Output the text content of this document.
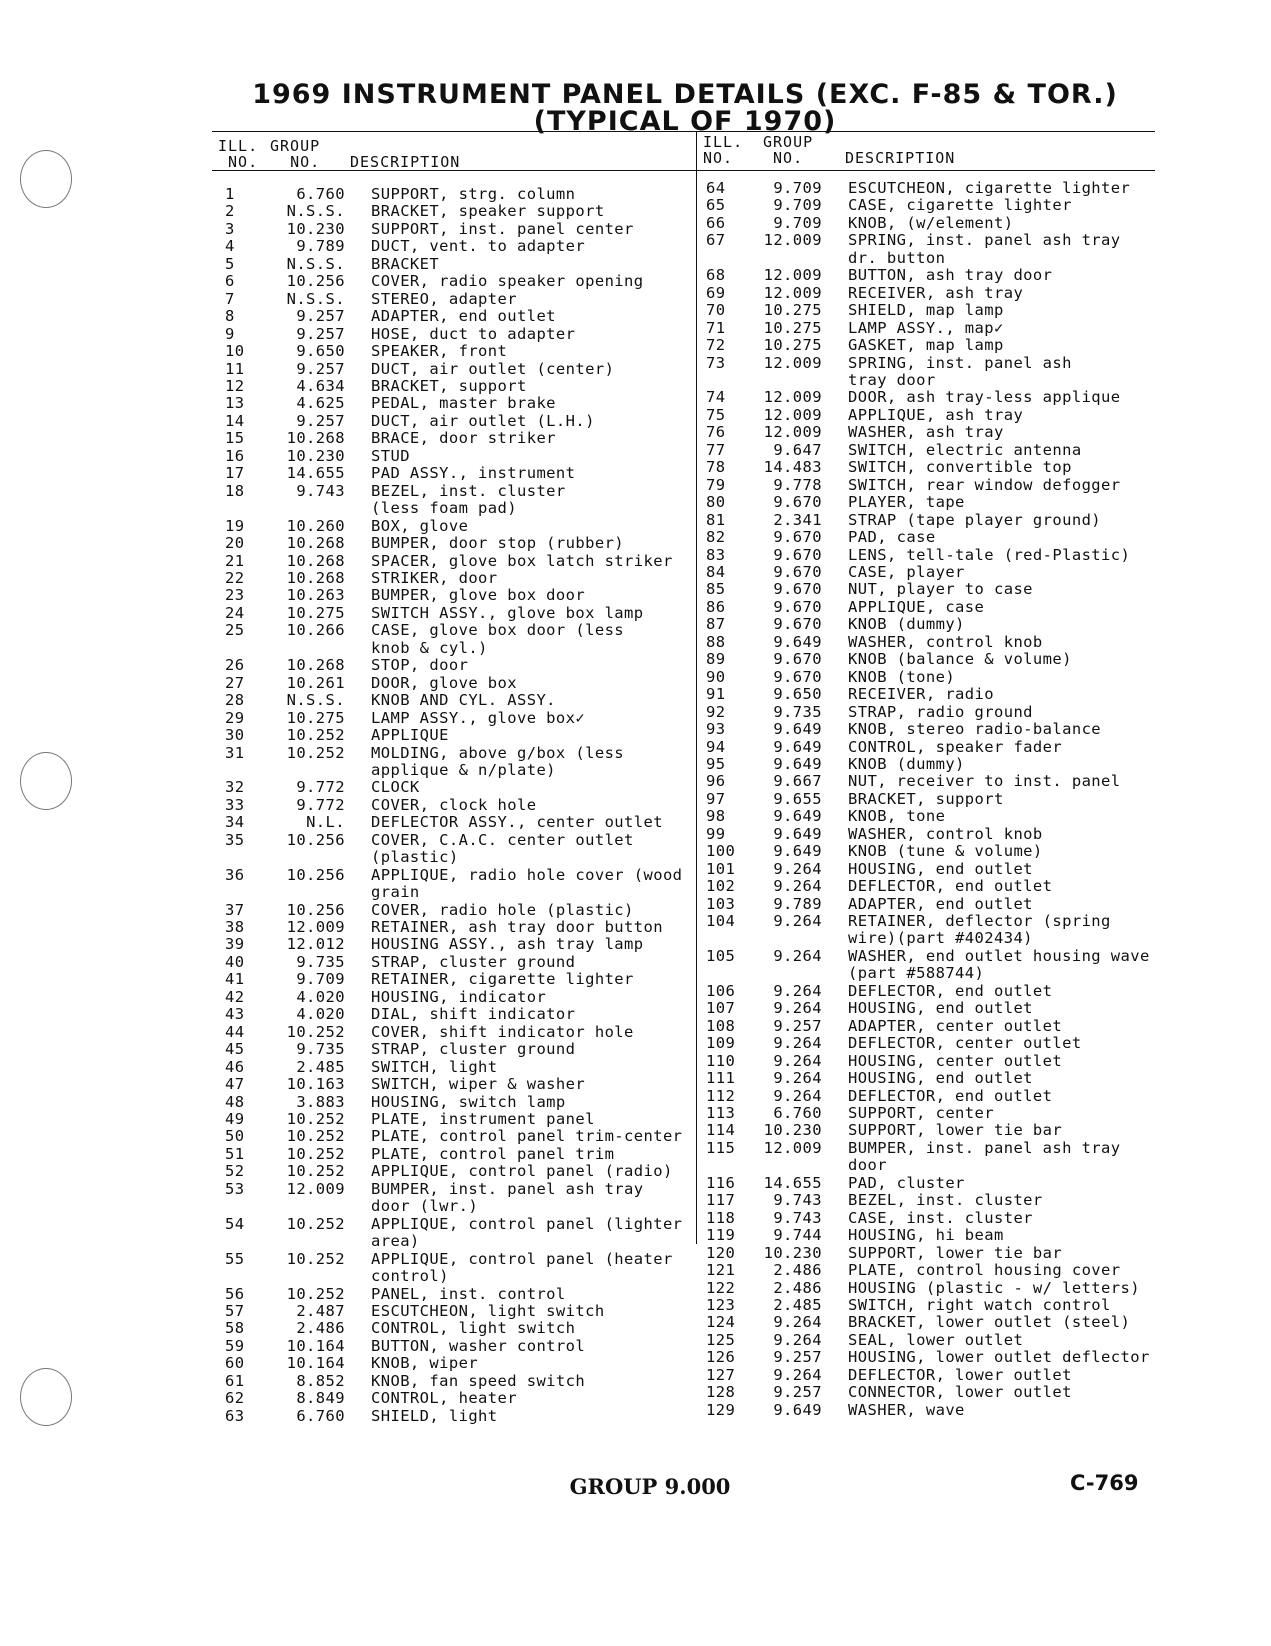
1969 INSTRUMENT PANEL DETAILS (EXC. F-85 & TOR.)
(TYPICAL OF 1970)
ILL.
NO.
GROUP
NO. DESCRIPTION
ILL.
NO.
GROUP
NO.	DESCRIPTION
1	6.760	SUPPORT, strg. column
2	N.S.S.	BRACKET, speaker support
3	10.230	SUPPORT, inst. panel center
4	9.789	DUCT, vent. to adapter
5	N.S.S.	BRACKET
6	10.256	COVER, radio speaker opening
7	N.S.S.	STEREO, adapter
8	9.257	ADAPTER, end outlet
9	9.257	HOSE, duct to adapter
10	9.650	SPEAKER, front
11	9.257	DUCT, air outlet (center)
12	4.634	BRACKET, support
13	4.625	PEDAL, master brake
14	9.257	DUCT, air outlet (L.H.)
15	10.268	BRACE, door striker
16	10.230	STUD
17	14.655	PAD ASSY., instrument
18	9.743	BEZEL, inst. cluster
(less foam pad)
19	10.260	BOX, glove
20	10.268	BUMPER, door stop (rubber)
21	10.268	SPACER, glove box latch striker
22	10.268	STRIKER, door
23	10.263	BUMPER, glove box door
24	10.275	SWITCH ASSY., glove box lamp
25	10.266	CASE, glove box door (less
knob & cyl.)
26	10.268	STOP, door
27	10.261	DOOR, glove box
28	N.S.S.	KNOB AND CYL. ASSY.
29	10.275	LAMP ASSY., glove box✓
30	10.252	APPLIQUE
31	10.252	MOLDING, above g/box (less
applique & n/plate)
32	9.772	CLOCK
33	9.772	COVER, clock hole
34	N.L.	DEFLECTOR ASSY., center outlet
35	10.256	COVER, C.A.C. center outlet
(plastic)
36	10.256	APPLIQUE, radio hole cover (wood
grain
37	10.256	COVER, radio hole (plastic)
38	12.009	RETAINER, ash tray door button
39	12.012	HOUSING ASSY., ash tray lamp
40	9.735	STRAP, cluster ground
41	9.709	RETAINER, cigarette lighter
42	4.020	HOUSING, indicator
43	4.020	DIAL, shift indicator
44	10.252	COVER, shift indicator hole
45	9.735	STRAP, cluster ground
46	2.485	SWITCH, light
47	10.163	SWITCH, wiper & washer
48	3.883	HOUSING, switch lamp
49	10.252	PLATE, instrument panel
50	10.252	PLATE, control panel trim-center
51	10.252	PLATE, control panel trim
52	10.252	APPLIQUE, control panel (radio)
53	12.009	BUMPER, inst. panel ash tray
door (lwr.)
54	10.252	APPLIQUE, control panel (lighter
area)
55	10.252	APPLIQUE, control panel (heater
control)
56	10.252	PANEL, inst. control
57	2.487	ESCUTCHEON, light switch
58	2.486	CONTROL, light switch
59	10.164	BUTTON, washer control
60	10.164	KNOB, wiper
61	8.852	KNOB, fan speed switch
62	8.849	CONTROL, heater
63	6.760	SHIELD, light
64	9.709	ESCUTCHEON, cigarette lighter
65	9.709	CASE, cigarette lighter
66	9.709	KNOB, (w/element)
67	12.009	SPRING, inst. panel ash tray
dr. button
68	12.009	BUTTON, ash tray door
69	12.009	RECEIVER, ash tray
70	10.275	SHIELD, map lamp
71	10.275	LAMP ASSY., map✓
72	10.275	GASKET, map lamp
73	12.009	SPRING, inst. panel ash
tray door
74	12.009	DOOR, ash tray-less applique
75	12.009	APPLIQUE, ash tray
76	12.009	WASHER, ash tray
77	9.647	SWITCH, electric antenna
78	14.483	SWITCH, convertible top
79	9.778	SWITCH, rear window defogger
80	9.670	PLAYER, tape
81	2.341	STRAP (tape player ground)
82	9.670	PAD, case
83	9.670	LENS, tell-tale (red-Plastic)
84	9.670	CASE, player
85	9.670	NUT, player to case
86	9.670	APPLIQUE, case
87	9.670	KNOB (dummy)
88	9.649	WASHER, control knob
89	9.670	KNOB (balance & volume)
90	9.670	KNOB (tone)
91	9.650	RECEIVER, radio
92	9.735	STRAP, radio ground
93	9.649	KNOB, stereo radio-balance
94	9.649	CONTROL, speaker fader
95	9.649	KNOB (dummy)
96	9.667	NUT, receiver to inst. panel
97	9.655	BRACKET, support
98	9.649	KNOB, tone
99	9.649	WASHER, control knob
100	9.649	KNOB (tune & volume)
101	9.264	HOUSING, end outlet
102	9.264	DEFLECTOR, end outlet
103	9.789	ADAPTER, end outlet
104	9.264	RETAINER, deflector (spring
wire)(part #402434)
105	9.264	WASHER, end outlet housing wave
(part #588744)
106	9.264	DEFLECTOR, end outlet
107	9.264	HOUSING, end outlet
108	9.257	ADAPTER, center outlet
109	9.264	DEFLECTOR, center outlet
110	9.264	HOUSING, center outlet
111	9.264	HOUSING, end outlet
112	9.264	DEFLECTOR, end outlet
113	6.760	SUPPORT, center
114	10.230	SUPPORT, lower tie bar
115	12.009	BUMPER, inst. panel ash tray
door
116	14.655	PAD, cluster
117	9.743	BEZEL, inst. cluster
118	9.743	CASE, inst. cluster
119	9.744	HOUSING, hi beam
120	10.230	SUPPORT, lower tie bar
121	2.486	PLATE, control housing cover
122	2.486	HOUSING (plastic - w/ letters)
123	2.485	SWITCH, right watch control
124	9.264	BRACKET, lower outlet (steel)
125	9.264	SEAL, lower outlet
126	9.257	HOUSING, lower outlet deflector
127	9.264	DEFLECTOR, lower outlet
128	9.257	CONNECTOR, lower outlet
129	9.649	WASHER, wave
GROUP 9.000	C-769
